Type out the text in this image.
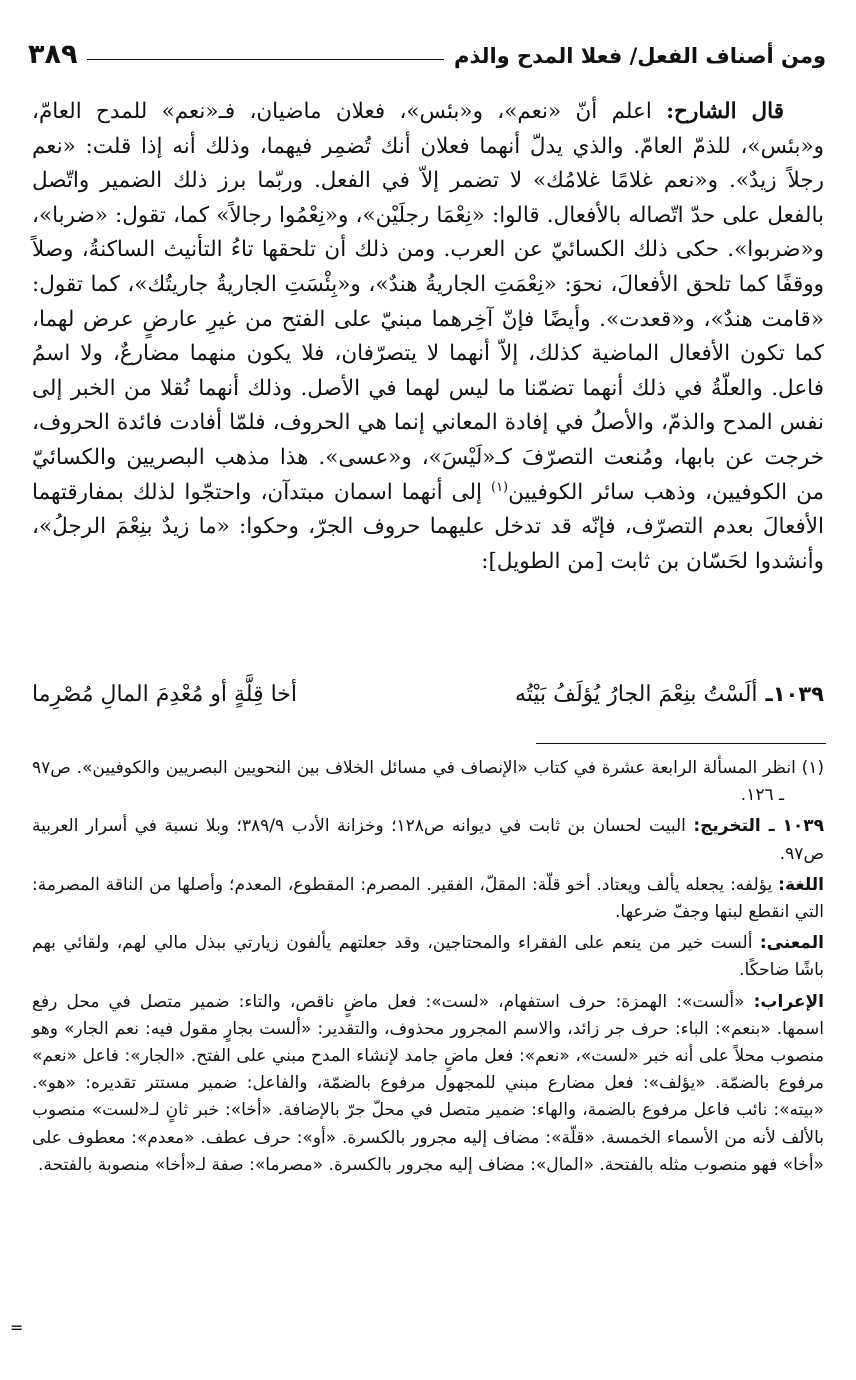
ومن أصناف الفعل/ فعلا المدح والذم
٣٨٩

قال الشارح: اعلم أنّ «نعم»، و«بئس»، فعلان ماضيان، فـ«نعم» للمدح العامّ، و«بئس»، للذمّ العامّ. والذي يدلّ أنهما فعلان أنك تُضمِر فيهما، وذلك أنه إذا قلت: «نعم رجلاً زيدٌ». و«نعم غلامًا غلامُك» لا تضمر إلاّ في الفعل. وربّما برز ذلك الضمير واتّصل بالفعل على حدّ اتّصاله بالأفعال. قالوا: «نِعْمَا رجلَيْن»، و«نِعْمُوا رجالاً» كما، تقول: «ضربا»، و«ضربوا». حكى ذلك الكسائيّ عن العرب. ومن ذلك أن تلحقها تاءُ التأنيث الساكنةُ، وصلاً ووقفًا كما تلحق الأفعالَ، نحوَ: «نِعْمَتِ الجاريةُ هندٌ»، و«بِئْسَتِ الجاريةُ جاريتُك»، كما تقول: «قامت هندٌ»، و«قعدت». وأيضًا فإنّ آخِرهما مبنيّ على الفتح من غيرِ عارضٍ عرض لهما، كما تكون الأفعال الماضية كذلك، إلاّ أنهما لا يتصرّفان، فلا يكون منهما مضارعٌ، ولا اسمُ فاعل. والعلّةُ في ذلك أنهما تضمّنا ما ليس لهما في الأصل. وذلك أنهما نُقلا من الخبر إلى نفس المدح والذمّ، والأصلُ في إفادة المعاني إنما هي الحروف، فلمّا أفادت فائدة الحروف، خرجت عن بابها، ومُنعت التصرّفَ كـ«لَيْسَ»، و«عسى». هذا مذهب البصريين والكسائيّ من الكوفيين، وذهب سائر الكوفيين$^{(١)}$ إلى أنهما اسمان مبتدآن، واحتجّوا لذلك بمفارقتهما الأفعالَ بعدم التصرّف، فإنّه قد تدخل عليهما حروف الجرّ، وحكوا: «ما زيدٌ بنِعْمَ الرجلُ»، وأنشدوا لحَسّان بن ثابت [من الطويل]:

١٠٣٩ـ
ألَسْتُ بنِعْمَ الجارُ يُؤلَفُ بَيْتُه
أخا قِلَّةٍ أو مُعْدِمَ المالِ مُصْرِما

(١) انظر المسألة الرابعة عشرة في كتاب «الإنصاف في مسائل الخلاف بين النحويين البصريين والكوفيين». ص٩٧ ـ ١٢٦.

١٠٣٩ ـ التخريج: البيت لحسان بن ثابت في ديوانه ص١٢٨؛ وخزانة الأدب ٣٨٩/٩؛ وبلا نسبة في أسرار العربية ص٩٧.

اللغة: يؤلفه: يجعله يألف ويعتاد. أخو قلّة: المقلّ، الفقير. المصرم: المقطوع، المعدم؛ وأصلها من الناقة المصرمة: التي انقطع لبنها وجفّ ضرعها.

المعنى: ألست خير من ينعم على الفقراء والمحتاجين، وقد جعلتهم يألفون زيارتي ببذل مالي لهم، ولقائي بهم باشًا ضاحكًا.

الإعراب: «ألست»: الهمزة: حرف استفهام، «لست»: فعل ماضٍ ناقص، والتاء: ضمير متصل في محل رفع اسمها. «بنعم»: الباء: حرف جر زائد، والاسم المجرور محذوف، والتقدير: «ألست بجارٍ مقول فيه: نعم الجار» وهو منصوب محلاً على أنه خبر «لست»، «نعم»: فعل ماضٍ جامد لإنشاء المدح مبني على الفتح. «الجار»: فاعل «نعم» مرفوع بالضمّة. «يؤلف»: فعل مضارع مبني للمجهول مرفوع بالضمّة، والفاعل: ضمير مستتر تقديره: «هو». «بيته»: نائب فاعل مرفوع بالضمة، والهاء: ضمير متصل في محلّ جرّ بالإضافة. «أخا»: خبر ثانٍ لـ«لست» منصوب بالألف لأنه من الأسماء الخمسة. «قلّة»: مضاف إليه مجرور بالكسرة. «أو»: حرف عطف. «معدم»: معطوف على «أخا» فهو منصوب مثله بالفتحة. «المال»: مضاف إليه مجرور بالكسرة. «مصرما»: صفة لـ«أخا» منصوبة بالفتحة.

=
